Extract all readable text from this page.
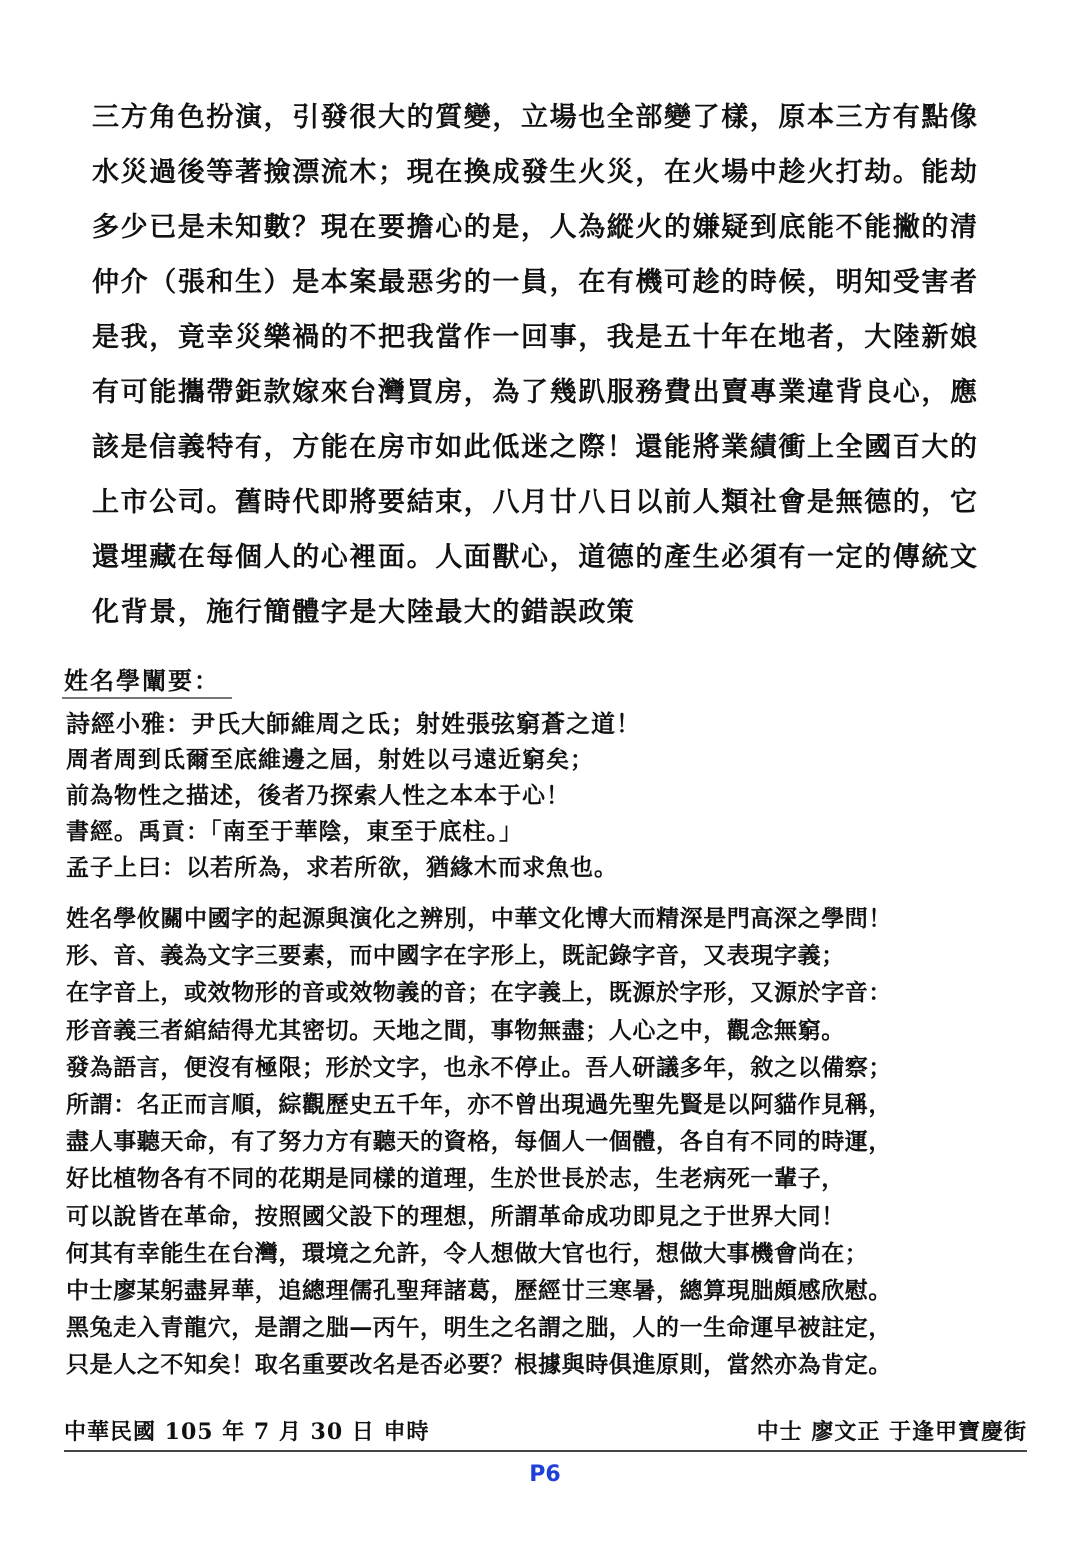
三方角色扮演，引發很大的質變，立場也全部變了樣，原本三方有點像
水災過後等著撿漂流木；現在換成發生火災，在火場中趁火打劫。能劫
多少已是未知數？現在要擔心的是，人為縱火的嫌疑到底能不能撇的清
仲介（張和生）是本案最惡劣的一員，在有機可趁的時候，明知受害者
是我，竟幸災樂禍的不把我當作一回事，我是五十年在地者，大陸新娘
有可能攜帶鉅款嫁來台灣買房，為了幾趴服務費出賣專業違背良心，應
該是信義特有，方能在房市如此低迷之際！還能將業績衝上全國百大的
上市公司。舊時代即將要結束，八月廿八日以前人類社會是無德的，它
還埋藏在每個人的心裡面。人面獸心，道德的產生必須有一定的傳統文
化背景，施行簡體字是大陸最大的錯誤政策
姓名學闡要：
詩經小雅：尹氏大師維周之氐；射姓張弦窮蒼之道！
周者周到氐爾至底維邊之屆，射姓以弓遠近窮矣；
前為物性之描述，後者乃探索人性之本本于心！
書經。禹貢：「南至于華陰，東至于底柱。」
孟子上曰：以若所為，求若所欲，猶緣木而求魚也。
姓名學攸關中國字的起源與演化之辨別，中華文化博大而精深是門高深之學問！
形、音、義為文字三要素，而中國字在字形上，既記錄字音，又表現字義；
在字音上，或效物形的音或效物義的音；在字義上，既源於字形，又源於字音：
形音義三者綰結得尤其密切。天地之間，事物無盡；人心之中，觀念無窮。
發為語言，便沒有極限；形於文字，也永不停止。吾人研議多年，敘之以備察；
所謂：名正而言順，綜觀歷史五千年，亦不曾出現過先聖先賢是以阿貓作見稱，
盡人事聽天命，有了努力方有聽天的資格，每個人一個體，各自有不同的時運，
好比植物各有不同的花期是同樣的道理，生於世長於志，生老病死一輩子，
可以說皆在革命，按照國父設下的理想，所謂革命成功即見之于世界大同！
何其有幸能生在台灣，環境之允許，令人想做大官也行，想做大事機會尚在；
中士廖某躬盡昇華，追總理儒孔聖拜諸葛，歷經廿三寒暑，總算現朏頗感欣慰。
黑兔走入青龍穴，是謂之朏—丙午，明生之名謂之朏，人的一生命運早被註定，
只是人之不知矣！取名重要改名是否必要？根據與時俱進原則，當然亦為肯定。
中華民國 105 年 7 月 30 日 申時	中士 廖文正 于逢甲寶慶街
P6
